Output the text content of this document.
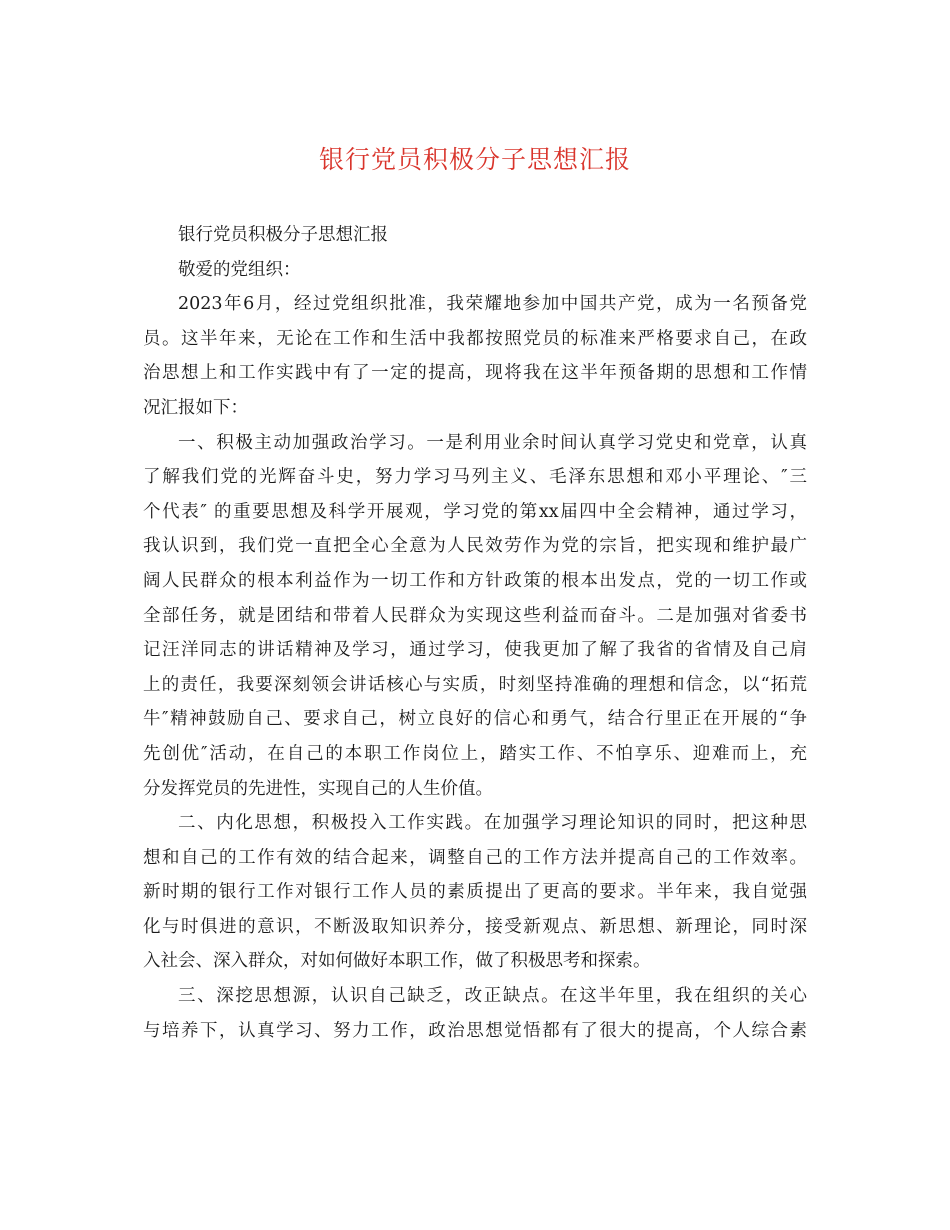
银行党员积极分子思想汇报
银行党员积极分子思想汇报
敬爱的党组织：
2023年6月，经过党组织批准，我荣耀地参加中国共产党，成为一名预备党
员。这半年来，无论在工作和生活中我都按照党员的标准来严格要求自己，在政
治思想上和工作实践中有了一定的提高，现将我在这半年预备期的思想和工作情
况汇报如下：
一、积极主动加强政治学习。一是利用业余时间认真学习党史和党章，认真
了解我们党的光辉奋斗史，努力学习马列主义、毛泽东思想和邓小平理论、″三
个代表″ 的重要思想及科学开展观，学习党的第xx届四中全会精神，通过学习，
我认识到，我们党一直把全心全意为人民效劳作为党的宗旨，把实现和维护最广
阔人民群众的根本利益作为一切工作和方针政策的根本出发点，党的一切工作或
全部任务，就是团结和带着人民群众为实现这些利益而奋斗。二是加强对省委书
记汪洋同志的讲话精神及学习，通过学习，使我更加了解了我省的省情及自己肩
上的责任，我要深刻领会讲话核心与实质，时刻坚持准确的理想和信念，以“拓荒
牛″精神鼓励自己、要求自己，树立良好的信心和勇气，结合行里正在开展的“争
先创优″活动，在自己的本职工作岗位上，踏实工作、不怕享乐、迎难而上，充
分发挥党员的先进性，实现自己的人生价值。
二、内化思想，积极投入工作实践。在加强学习理论知识的同时，把这种思
想和自己的工作有效的结合起来，调整自己的工作方法并提高自己的工作效率。
新时期的银行工作对银行工作人员的素质提出了更高的要求。半年来，我自觉强
化与时俱进的意识，不断汲取知识养分，接受新观点、新思想、新理论，同时深
入社会、深入群众，对如何做好本职工作，做了积极思考和探索。
三、深挖思想源，认识自己缺乏，改正缺点。在这半年里，我在组织的关心
与培养下，认真学习、努力工作，政治思想觉悟都有了很大的提高，个人综合素
